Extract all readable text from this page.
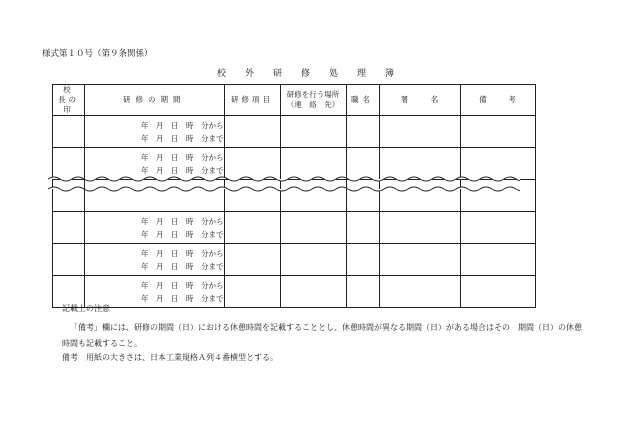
様式第１０号（第９条関係）
校外研修処理簿
校　長の　印	研修の期間	研修項目	研修を行う場所（連　絡　先）	職名	署 名	備 考

	年　月　日　時　分から
年　月　日　時　分まで					

	年　月　日　時　分から
年　月　日　時　分まで					

	年　月　日　時　分から
年　月　日　時　分まで					

	年　月　日　時　分から
年　月　日　時　分まで					

	年　月　日　時　分から
年　月　日　時　分まで					

記載上の注意
「備考」欄には、研修の期間（日）における休憩時間を記載することとし、休憩時間が異なる期間（日）がある場合はその　期間（日）の休憩時間も記載すること。
備考　用紙の大きさは、日本工業規格Ａ列４番横型とする。
